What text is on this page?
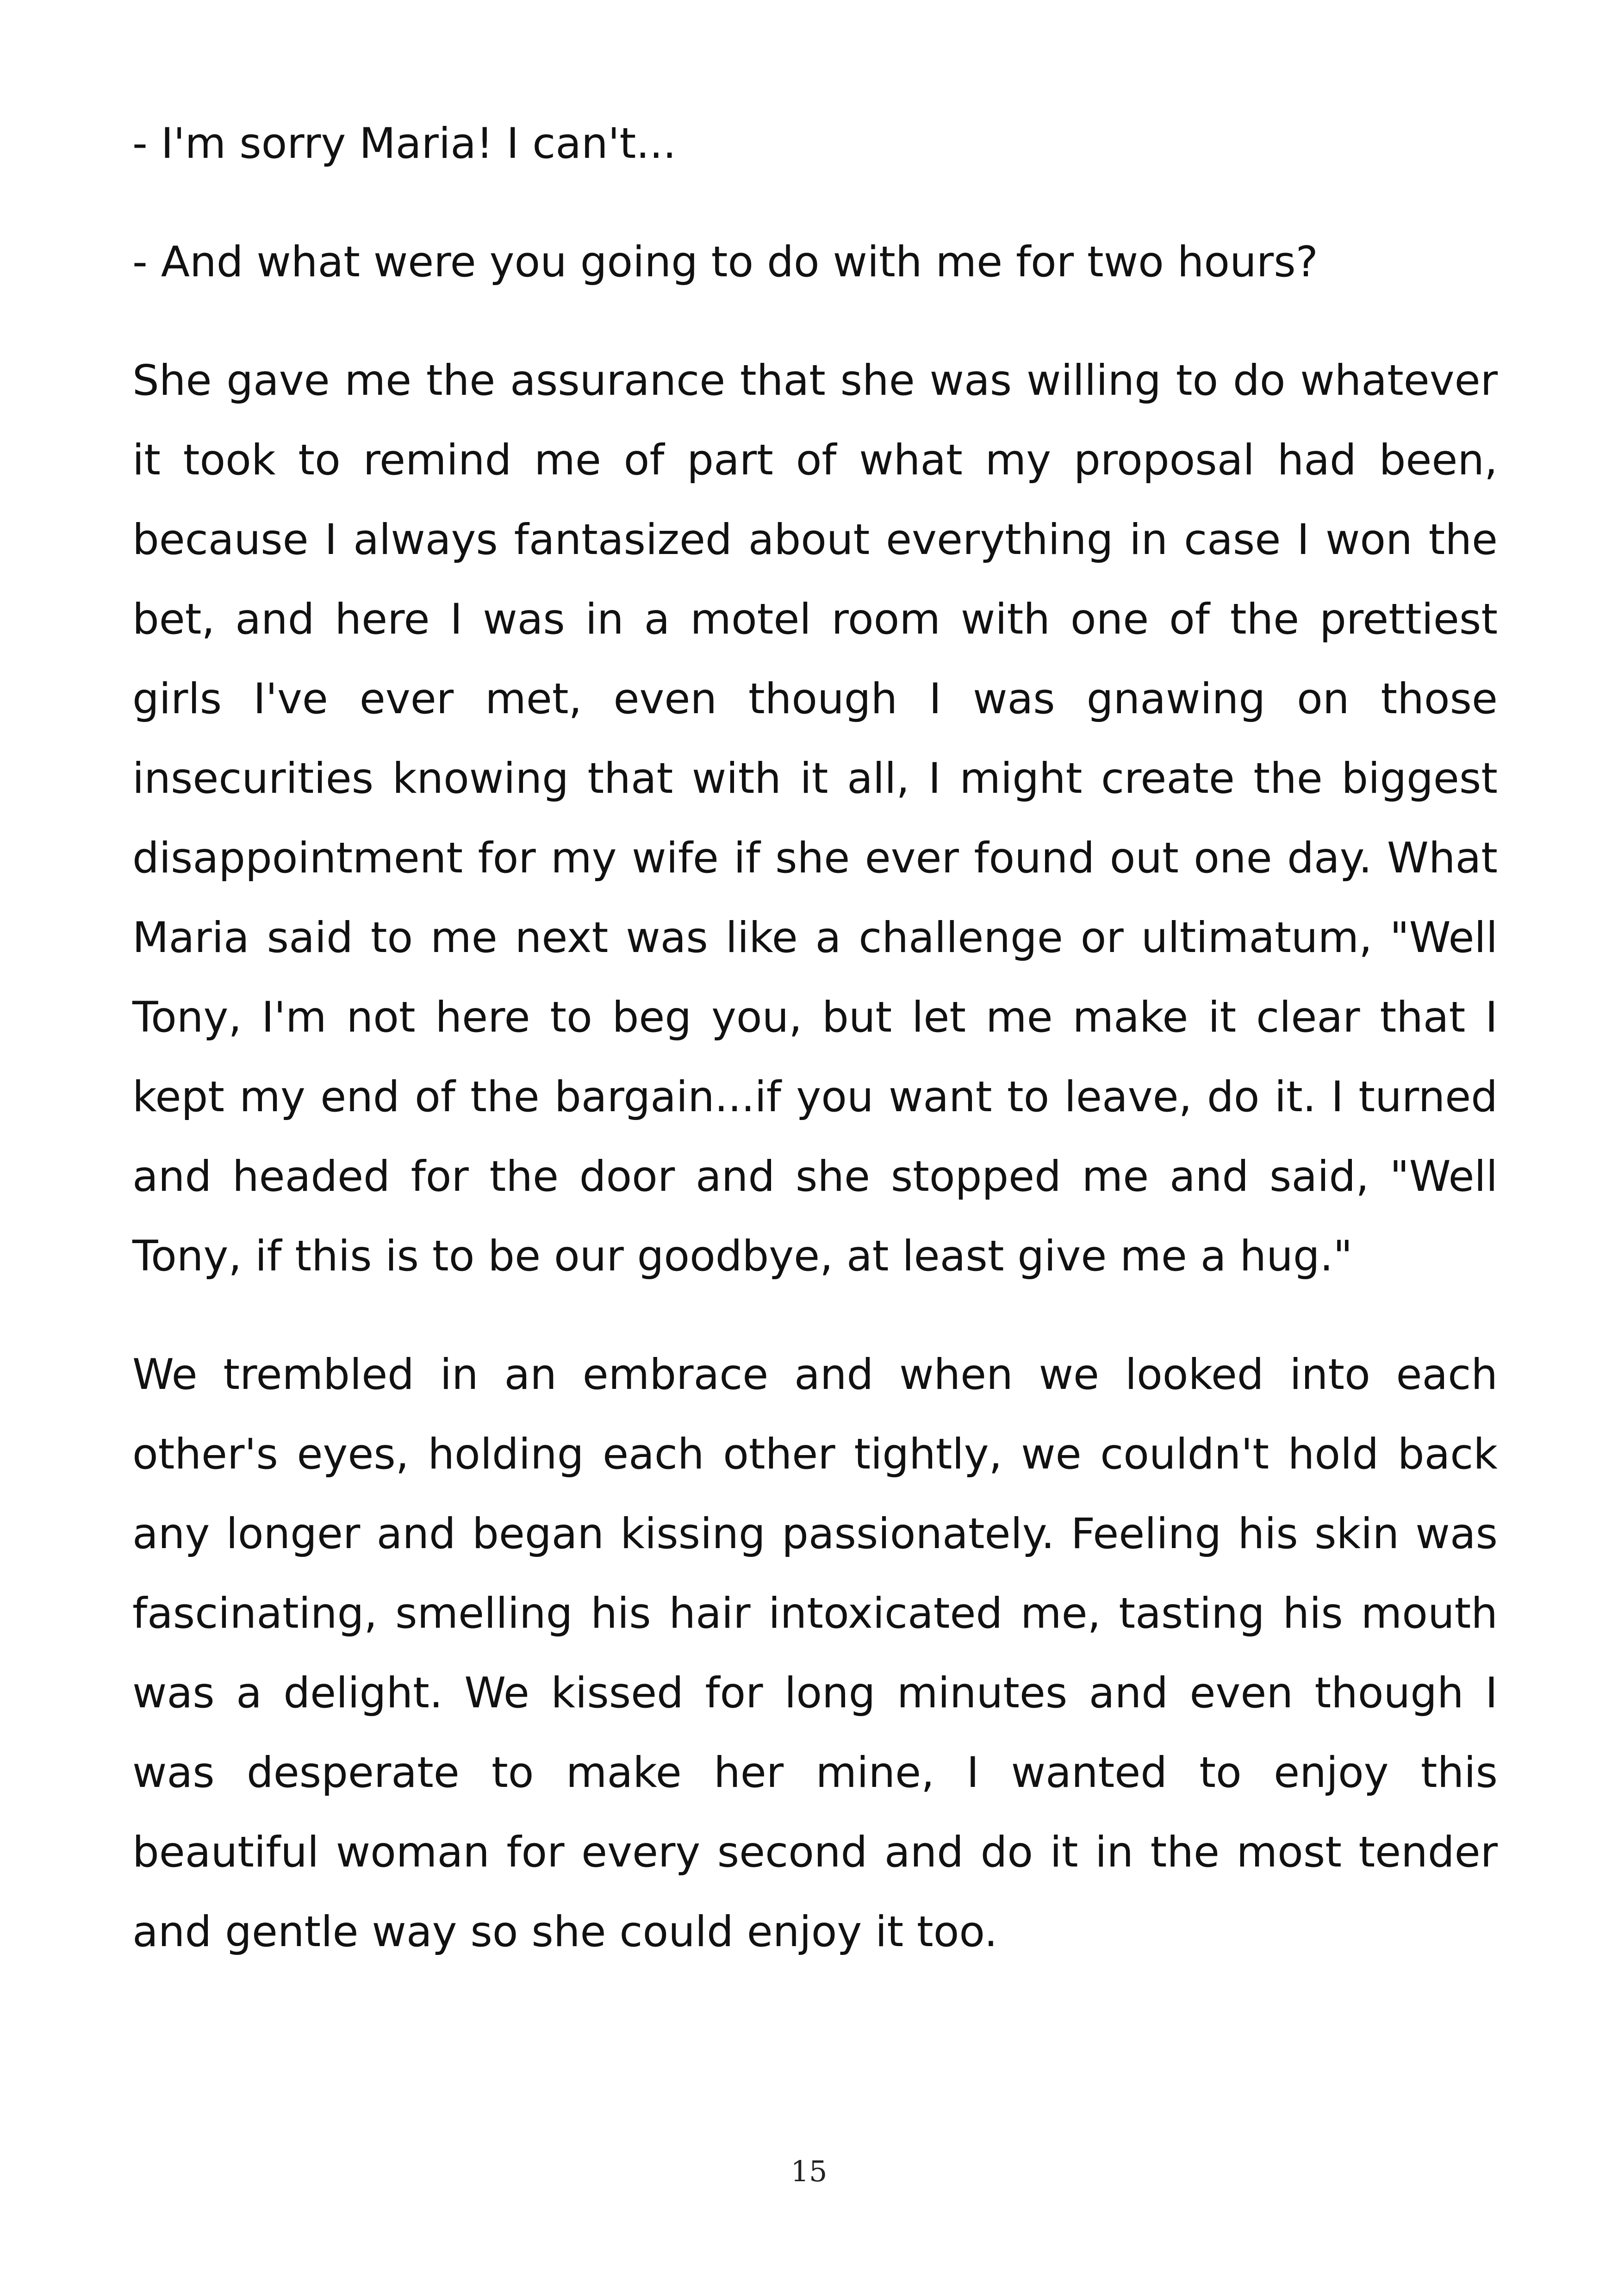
- I'm sorry Maria! I can't...

- And what were you going to do with me for two hours?

She gave me the assurance that she was willing to do whatever it took to remind me of part of what my proposal had been, because I always fantasized about everything in case I won the bet, and here I was in a motel room with one of the prettiest girls I've ever met, even though I was gnawing on those insecurities knowing that with it all, I might create the biggest disappointment for my wife if she ever found out one day. What Maria said to me next was like a challenge or ultimatum, "Well Tony, I'm not here to beg you, but let me make it clear that I kept my end of the bargain...if you want to leave, do it. I turned and headed for the door and she stopped me and said, "Well Tony, if this is to be our goodbye, at least give me a hug."

We trembled in an embrace and when we looked into each other's eyes, holding each other tightly, we couldn't hold back any longer and began kissing passionately. Feeling his skin was fascinating, smelling his hair intoxicated me, tasting his mouth was a delight. We kissed for long minutes and even though I was desperate to make her mine, I wanted to enjoy this beautiful woman for every second and do it in the most tender and gentle way so she could enjoy it too.

15
